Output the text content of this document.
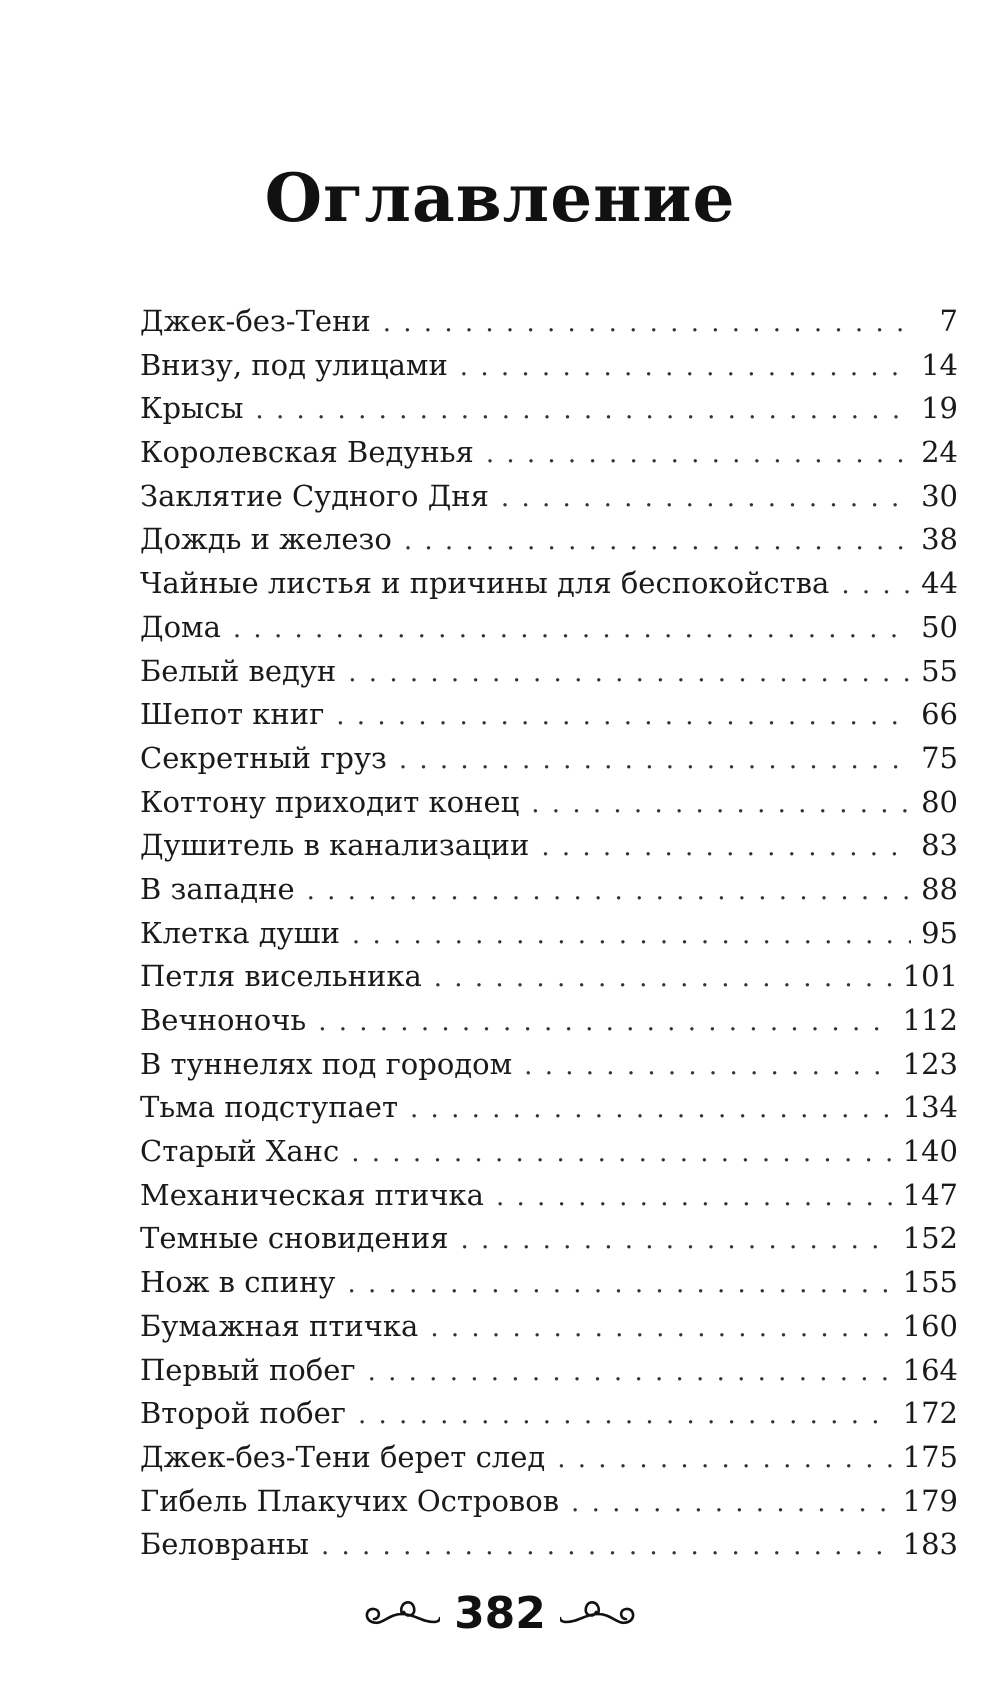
Оглавление
Джек-без-Тени . . .	7
Внизу, под улицами . . .	14
Крысы . . .	19
Королевская Ведунья . . .	24
Заклятие Судного Дня . . .	30
Дождь и железо . . .	38
Чайные листья и причины для беспокойства . . .	44
Дома . . .	50
Белый ведун . . .	55
Шепот книг . . .	66
Секретный груз . . .	75
Коттону приходит конец . . .	80
Душитель в канализации . . .	83
В западне . . .	88
Клетка души . . .	95
Петля висельника . . .	101
Вечноночь . . .	112
В туннелях под городом . . .	123
Тьма подступает . . .	134
Старый Ханс . . .	140
Механическая птичка . . .	147
Темные сновидения . . .	152
Нож в спину . . .	155
Бумажная птичка . . .	160
Первый побег . . .	164
Второй побег . . .	172
Джек-без-Тени берет след . . .	175
Гибель Плакучих Островов . . .	179
Беловраны . . .	183
382
